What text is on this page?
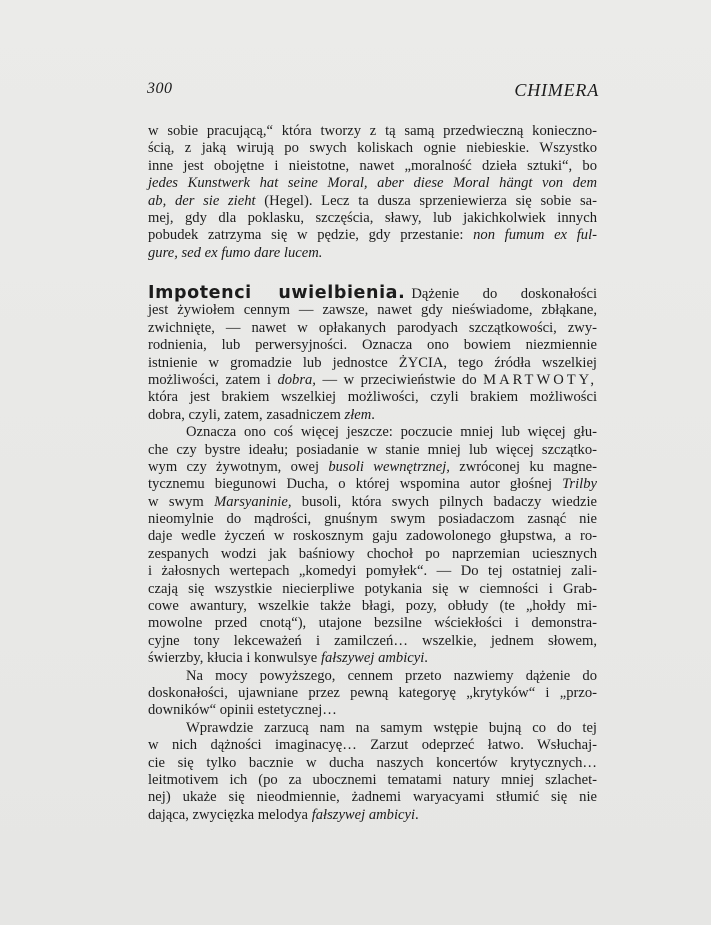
300	CHIMERA
w sobie pracującą,“ która tworzy z tą samą przedwieczną konieczno-
ścią, z jaką wirują po swych koliskach ognie niebieskie. Wszystko
inne jest obojętne i nieistotne, nawet „moralność dzieła sztuki“, bo
jedes Kunstwerk hat seine Moral, aber diese Moral hängt von dem
ab, der sie zieht (Hegel). Lecz ta dusza sprzeniewierza się sobie sa-
mej, gdy dla poklasku, szczęścia, sławy, lub jakichkolwiek innych
pobudek zatrzyma się w pędzie, gdy przestanie: non fumum ex ful-
gure, sed ex fumo dare lucem.
Impotenci uwielbienia. Dążenie do doskonałości
jest żywiołem cennym — zawsze, nawet gdy nieświadome, zbłąkane,
zwichnięte, — nawet w opłakanych parodyach szczątkowości, zwy-
rodnienia, lub perwersyjności. Oznacza ono bowiem niezmiennie
istnienie w gromadzie lub jednostce ŻYCIA, tego źródła wszelkiej
możliwości, zatem i dobra, — w przeciwieństwie do MARTWOTY,
która jest brakiem wszelkiej możliwości, czyli brakiem możliwości
dobra, czyli, zatem, zasadniczem złem.
Oznacza ono coś więcej jeszcze: poczucie mniej lub więcej głu-
che czy bystre ideału; posiadanie w stanie mniej lub więcej szczątko-
wym czy żywotnym, owej busoli wewnętrznej, zwróconej ku magne-
tycznemu biegunowi Ducha, o której wspomina autor głośnej Trilby
w swym Marsyaninie, busoli, która swych pilnych badaczy wiedzie
nieomylnie do mądrości, gnuśnym swym posiadaczom zasnąć nie
daje wedle życzeń w roskosznym gaju zadowolonego głupstwa, a ro-
zespanych wodzi jak baśniowy chochoł po naprzemian uciesznych
i żałosnych wertepach „komedyi pomyłek“. — Do tej ostatniej zali-
czają się wszystkie niecierpliwe potykania się w ciemności i Grab-
cowe awantury, wszelkie także błagi, pozy, obłudy (te „hołdy mi-
mowolne przed cnotą“), utajone bezsilne wściekłości i demonstra-
cyjne tony lekceważeń i zamilczeń… wszelkie, jednem słowem,
świerzby, kłucia i konwulsye fałszywej ambicyi.
Na mocy powyższego, cennem przeto nazwiemy dążenie do
doskonałości, ujawniane przez pewną kategoryę „krytyków“ i „przo-
downików“ opinii estetycznej…
Wprawdzie zarzucą nam na samym wstępie bujną co do tej
w nich dążności imaginacyę… Zarzut odeprzeć łatwo. Wsłuchaj-
cie się tylko bacznie w ducha naszych koncertów krytycznych…
leitmotivem ich (po za ubocznemi tematami natury mniej szlachet-
nej) ukaże się nieodmiennie, żadnemi waryacyami stłumić się nie
dająca, zwycięzka melodya fałszywej ambicyi.
